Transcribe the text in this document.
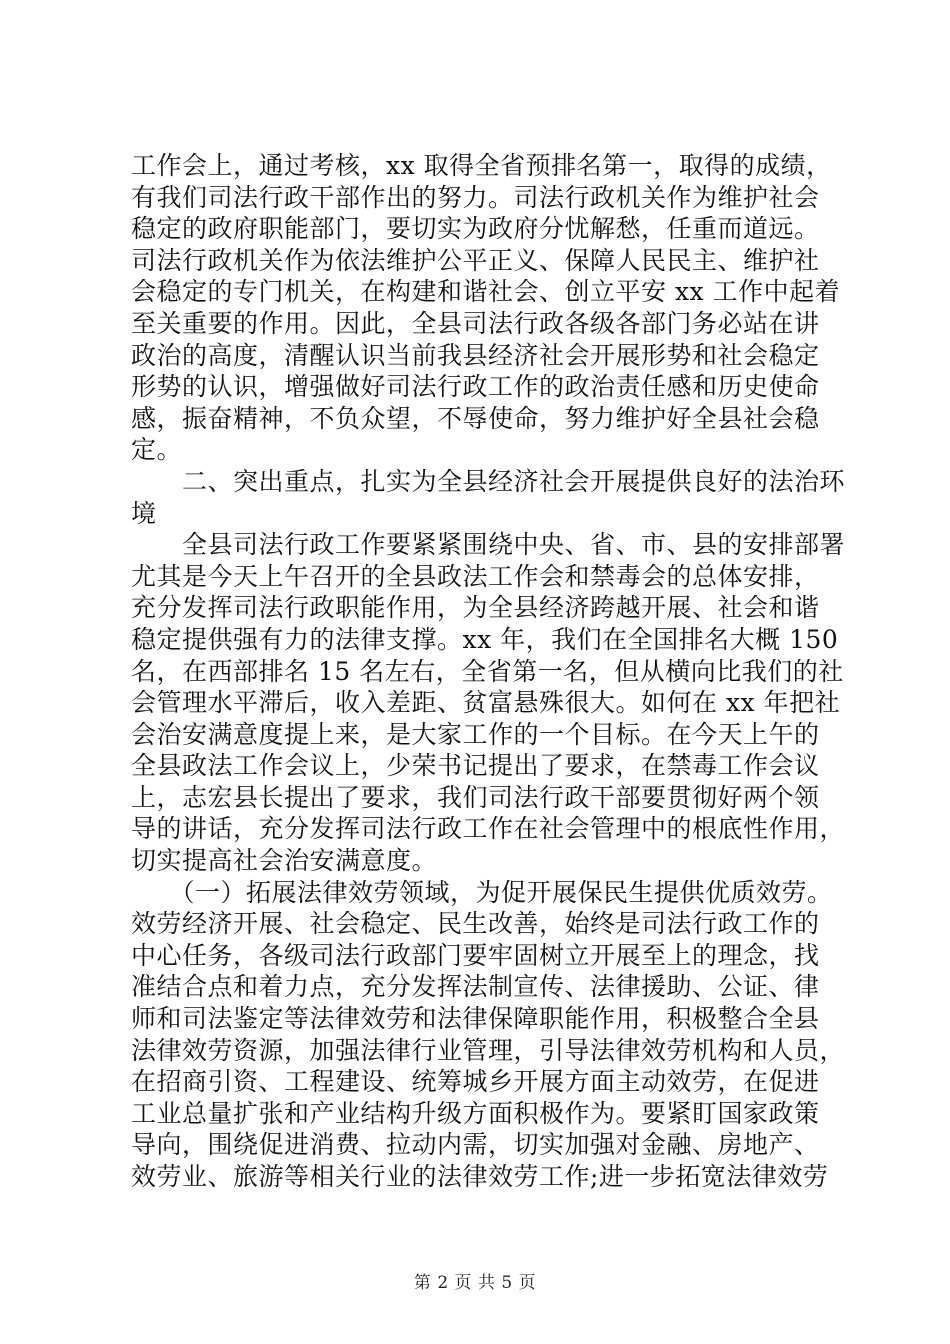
工作会上，通过考核，xx 取得全省预排名第一，取得的成绩，
有我们司法行政干部作出的努力。司法行政机关作为维护社会
稳定的政府职能部门，要切实为政府分忧解愁，任重而道远。
司法行政机关作为依法维护公平正义、保障人民民主、维护社
会稳定的专门机关，在构建和谐社会、创立平安 xx 工作中起着
至关重要的作用。因此，全县司法行政各级各部门务必站在讲
政治的高度，清醒认识当前我县经济社会开展形势和社会稳定
形势的认识，增强做好司法行政工作的政治责任感和历史使命
感，振奋精神，不负众望，不辱使命，努力维护好全县社会稳
定。
　　二、突出重点，扎实为全县经济社会开展提供良好的法治环
境
　　全县司法行政工作要紧紧围绕中央、省、市、县的安排部署
尤其是今天上午召开的全县政法工作会和禁毒会的总体安排，
充分发挥司法行政职能作用，为全县经济跨越开展、社会和谐
稳定提供强有力的法律支撑。xx 年，我们在全国排名大概 150
名，在西部排名 15 名左右，全省第一名，但从横向比我们的社
会管理水平滞后，收入差距、贫富悬殊很大。如何在 xx 年把社
会治安满意度提上来，是大家工作的一个目标。在今天上午的
全县政法工作会议上，少荣书记提出了要求，在禁毒工作会议
上，志宏县长提出了要求，我们司法行政干部要贯彻好两个领
导的讲话，充分发挥司法行政工作在社会管理中的根底性作用，
切实提高社会治安满意度。
　　（一）拓展法律效劳领域，为促开展保民生提供优质效劳。
效劳经济开展、社会稳定、民生改善，始终是司法行政工作的
中心任务，各级司法行政部门要牢固树立开展至上的理念，找
准结合点和着力点，充分发挥法制宣传、法律援助、公证、律
师和司法鉴定等法律效劳和法律保障职能作用，积极整合全县
法律效劳资源，加强法律行业管理，引导法律效劳机构和人员，
在招商引资、工程建设、统筹城乡开展方面主动效劳，在促进
工业总量扩张和产业结构升级方面积极作为。要紧盯国家政策
导向，围绕促进消费、拉动内需，切实加强对金融、房地产、
效劳业、旅游等相关行业的法律效劳工作;进一步拓宽法律效劳
第 2 页 共 5 页
